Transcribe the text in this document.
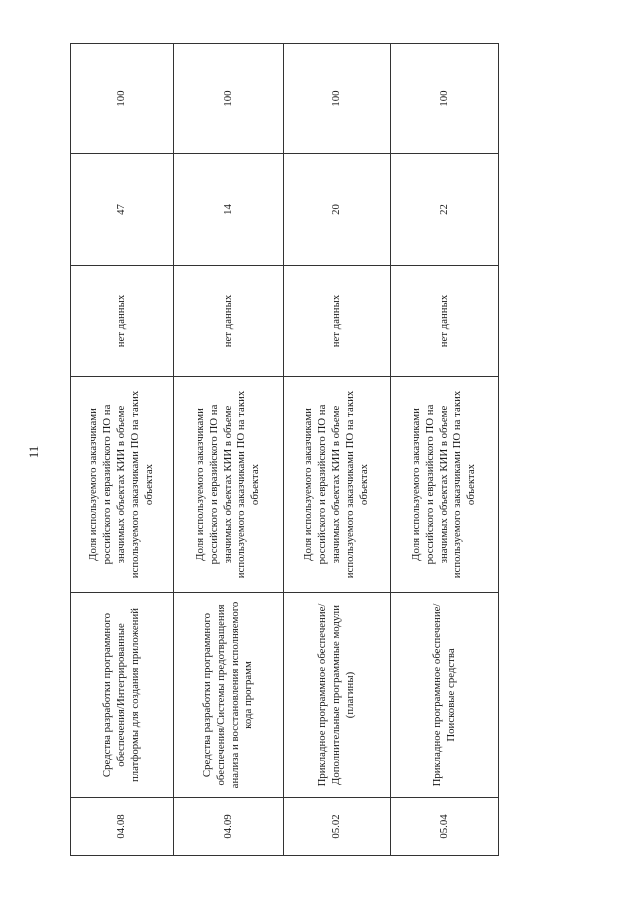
11
04.08	Средства разработки программного обеспечения/Интегрированные платформы для создания приложений	Доля используемого заказчиками российского и евразийского ПО на значимых объектах КИИ в объеме используемого заказчиками ПО на таких объектах	нет данных	47	100
04.09	Средства разработки программного обеспечения/Системы предотвращения анализа и восстановления исполняемого кода программ	Доля используемого заказчиками российского и евразийского ПО на значимых объектах КИИ в объеме используемого заказчиками ПО на таких объектах	нет данных	14	100
05.02	Прикладное программное обеспечение/Дополнительные программные модули (плагины)	Доля используемого заказчиками российского и евразийского ПО на значимых объектах КИИ в объеме используемого заказчиками ПО на таких объектах	нет данных	20	100
05.04	Прикладное программное обеспечение/Поисковые средства	Доля используемого заказчиками российского и евразийского ПО на значимых объектах КИИ в объеме используемого заказчиками ПО на таких объектах	нет данных	22	100
